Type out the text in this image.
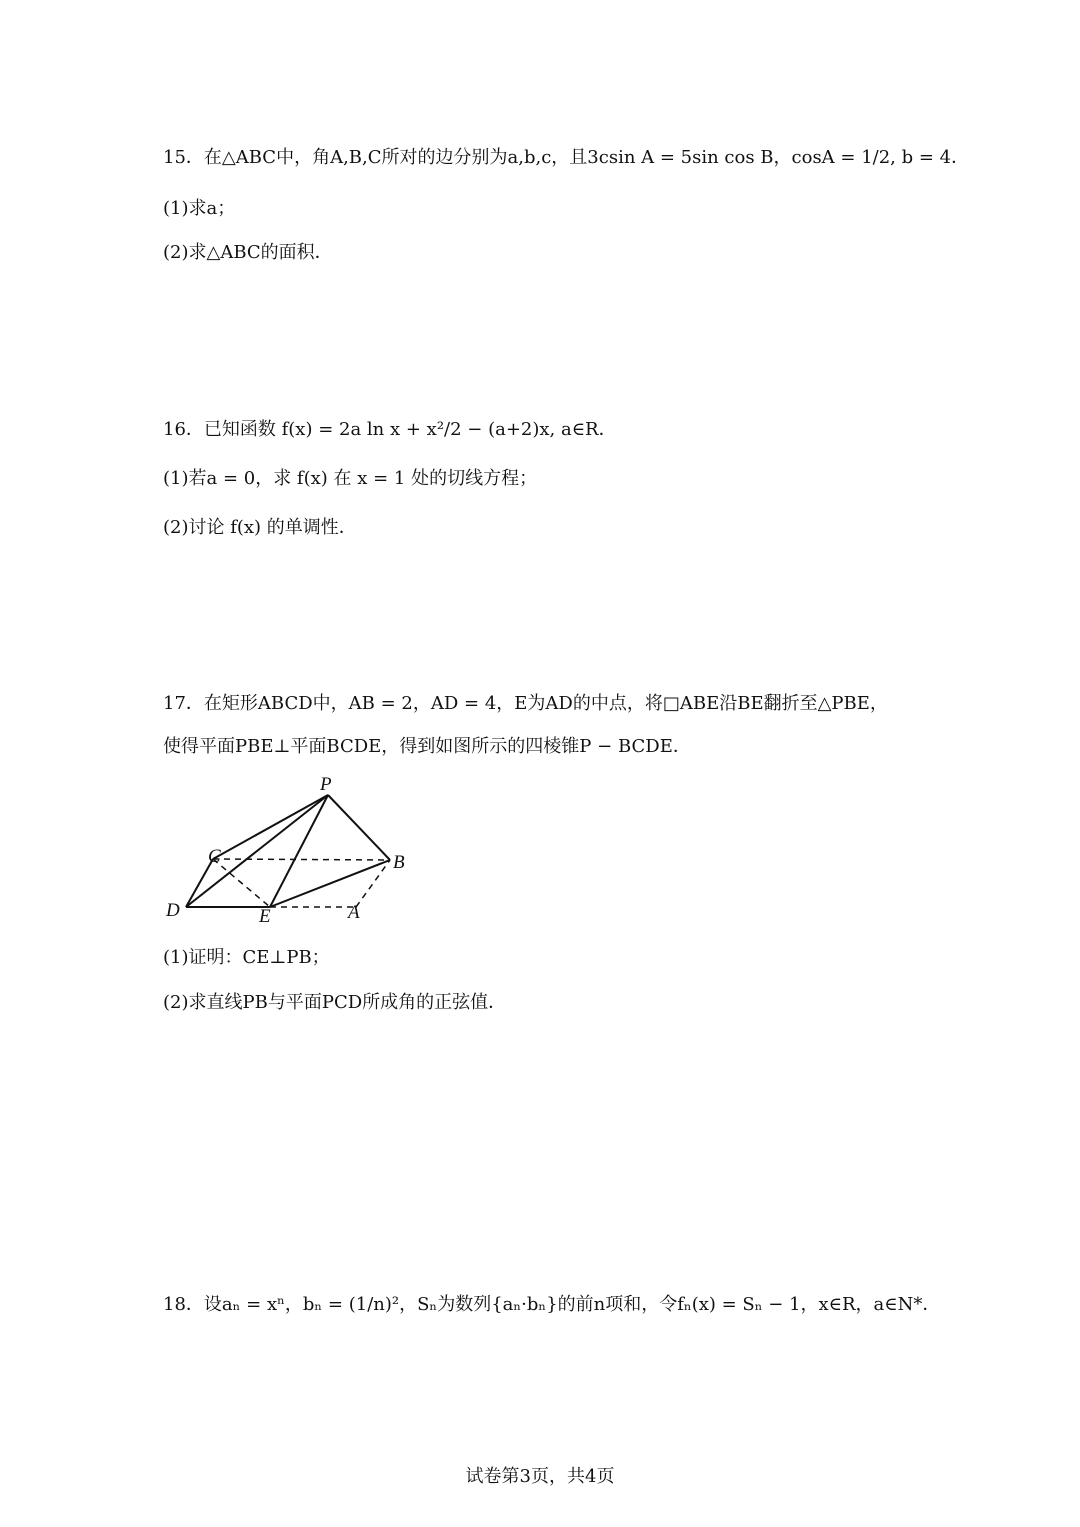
15．在△ABC中，角A,B,C所对的边分别为a,b,c，且3csin A = 5sin cos B，cosA = 1/2, b = 4．
(1)求a；
(2)求△ABC的面积．
16．已知函数 f(x) = 2a ln x + x²/2 − (a+2)x, a∈R．
(1)若a = 0，求 f(x) 在 x = 1 处的切线方程；
(2)讨论 f(x) 的单调性．
17．在矩形ABCD中，AB = 2，AD = 4，E为AD的中点，将□ABE沿BE翻折至△PBE，
使得平面PBE⊥平面BCDE，得到如图所示的四棱锥P − BCDE．
P
C	B
D	E	A
(1)证明：CE⊥PB；
(2)求直线PB与平面PCD所成角的正弦值．
18．设aₙ = xⁿ，bₙ = (1/n)²，Sₙ为数列{aₙ·bₙ}的前n项和，令fₙ(x) = Sₙ − 1，x∈R，a∈N*．
试卷第3页，共4页
